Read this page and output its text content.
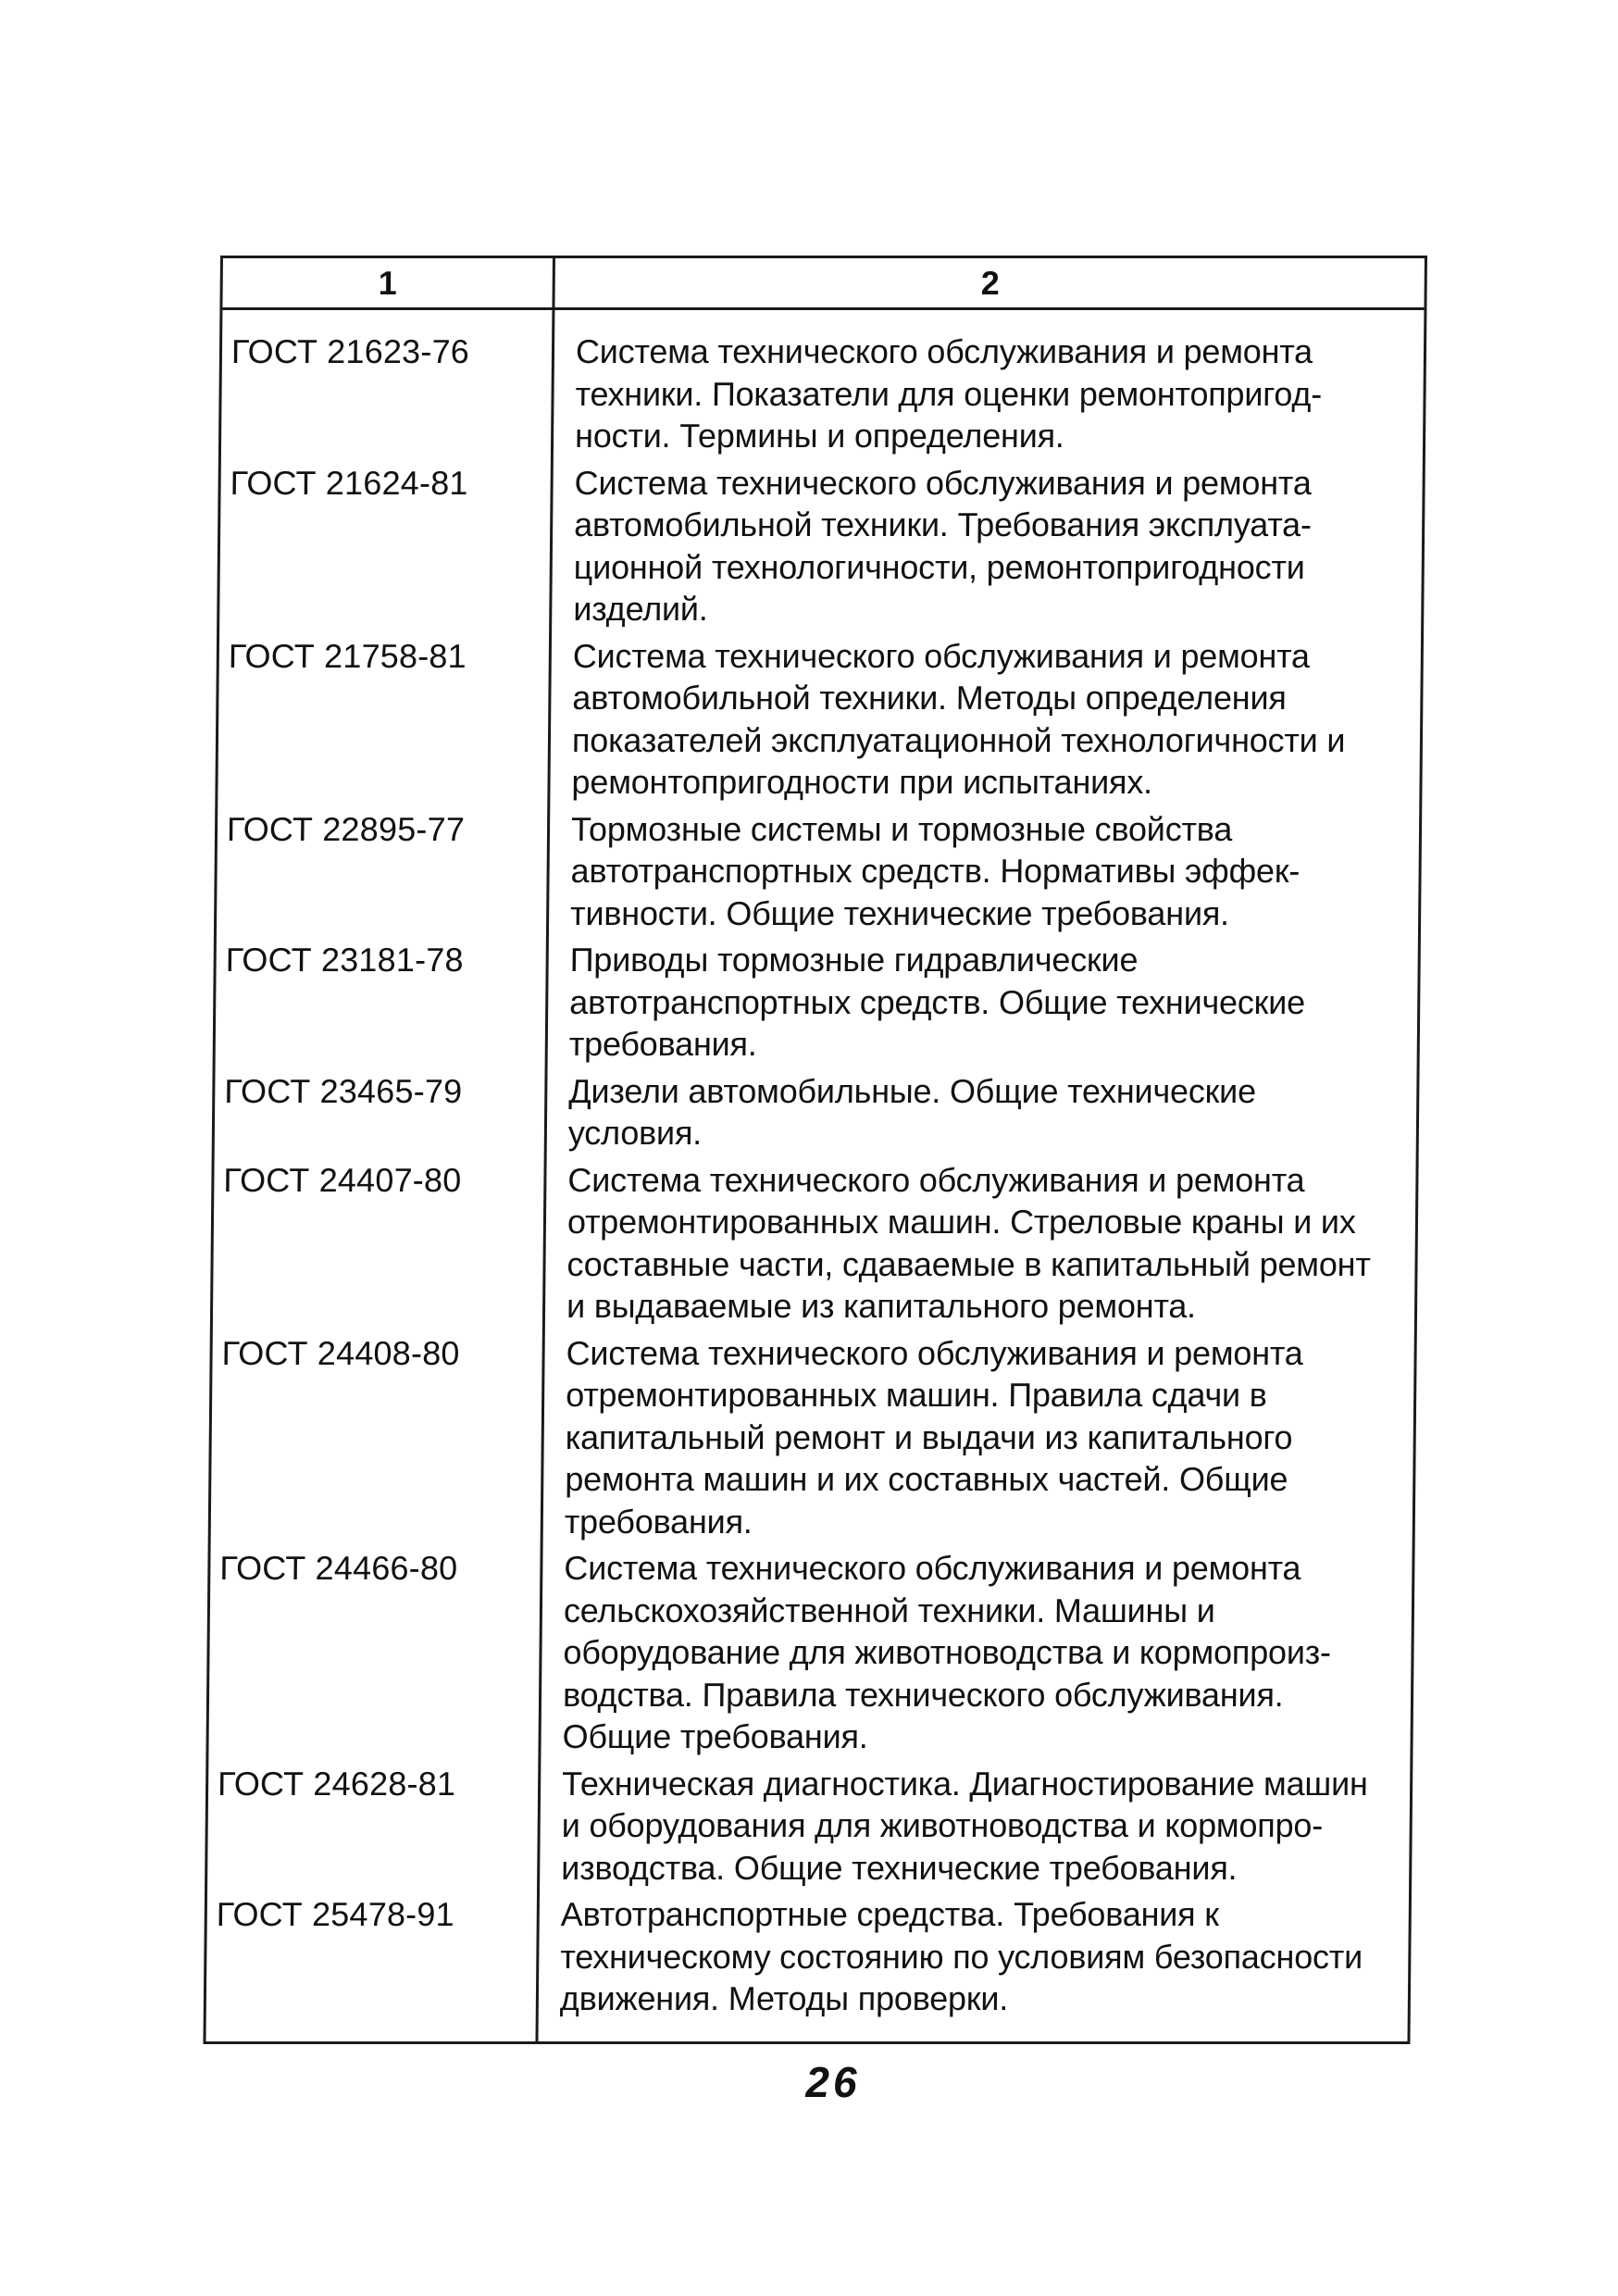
1	2
ГОСТ 21623-76	Система технического обслуживания и ремонта
техники. Показатели для оценки ремонтопригод-
ности. Термины и определения.
ГОСТ 21624-81	Система технического обслуживания и ремонта
автомобильной техники. Требования эксплуата-
ционной технологичности, ремонтопригодности
изделий.
ГОСТ 21758-81	Система технического обслуживания и ремонта
автомобильной техники. Методы определения
показателей эксплуатационной технологичности и
ремонтопригодности при испытаниях.
ГОСТ 22895-77	Тормозные системы и тормозные свойства
автотранспортных средств. Нормативы эффек-
тивности. Общие технические требования.
ГОСТ 23181-78	Приводы тормозные гидравлические
автотранспортных средств. Общие технические
требования.
ГОСТ 23465-79	Дизели автомобильные. Общие технические
условия.
ГОСТ 24407-80	Система технического обслуживания и ремонта
отремонтированных машин. Стреловые краны и их
составные части, сдаваемые в капитальный ремонт
и выдаваемые из капитального ремонта.
ГОСТ 24408-80	Система технического обслуживания и ремонта
отремонтированных машин. Правила сдачи в
капитальный ремонт и выдачи из капитального
ремонта машин и их составных частей. Общие
требования.
ГОСТ 24466-80	Система технического обслуживания и ремонта
сельскохозяйственной техники. Машины и
оборудование для животноводства и кормопроиз-
водства. Правила технического обслуживания.
Общие требования.
ГОСТ 24628-81	Техническая диагностика. Диагностирование машин
и оборудования для животноводства и кормопро-
изводства. Общие технические требования.
ГОСТ 25478-91	Автотранспортные средства. Требования к
техническому состоянию по условиям безопасности
движения. Методы проверки.
26
